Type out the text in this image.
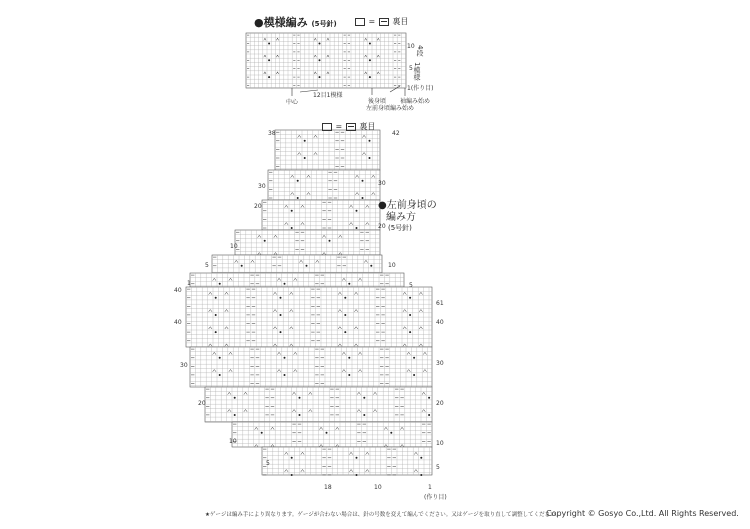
●模様編み (5号針)	= 裏目
10
5
1(作り目)
4段
1模様
中心
12目1模様
後身頃
左前身頃編み始め
袖編み始め
= 裏目
●左前身頃の
編み方
(5号針)
38
30
20
10
5
1
40
40
30
20
10
5
42
30
20
10
5
61
40
30
20
10
5
18	10	1
(作り目)
★ゲージは編み手により異なります。ゲージが合わない場合は、針の号数を変えて編んでください。又はゲージを取り直して調整してください。
Copyright © Gosyo Co.,Ltd. All Rights Reserved.
